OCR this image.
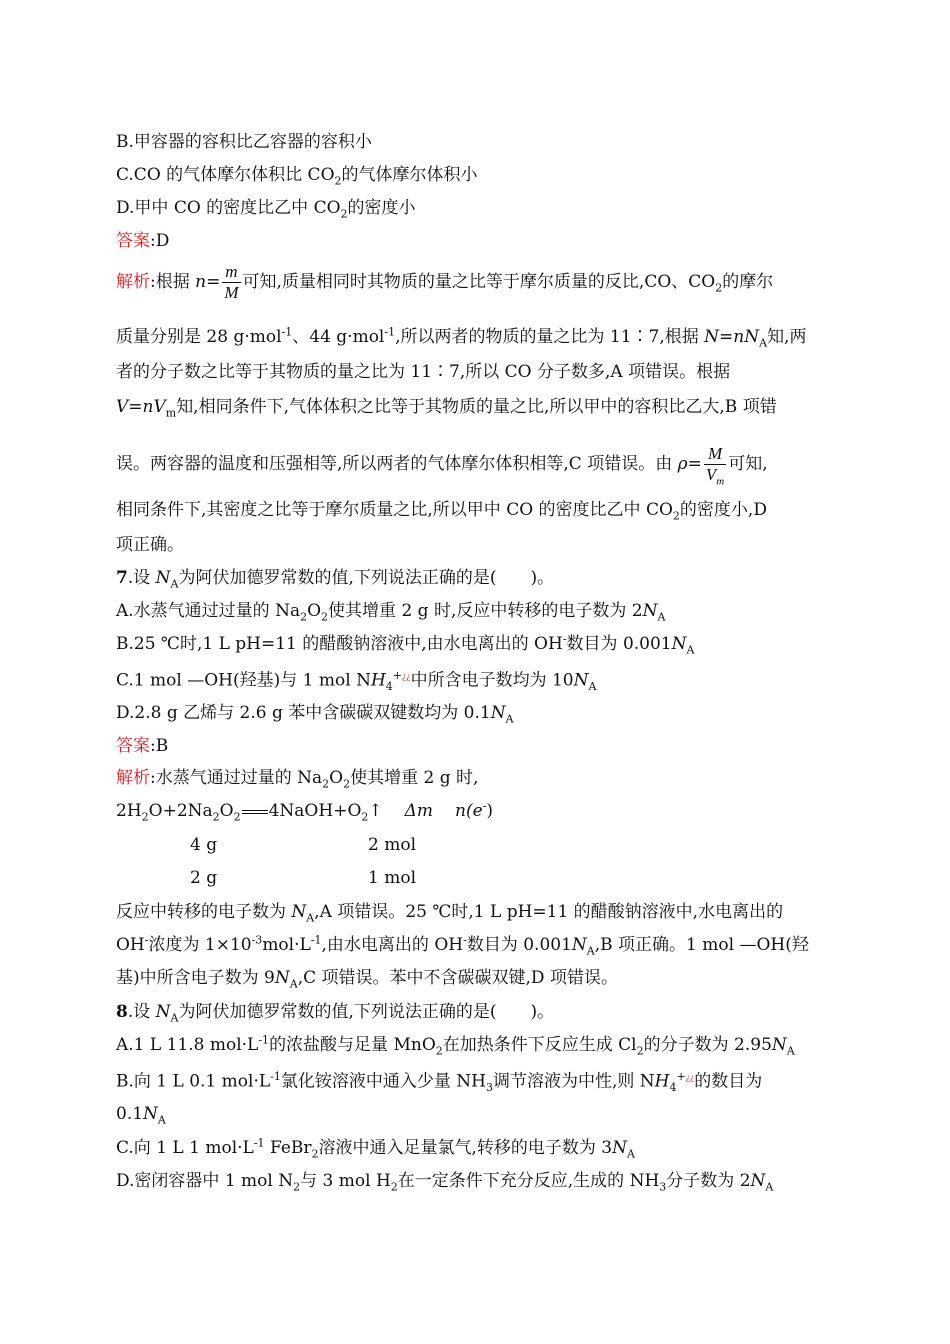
B.甲容器的容积比乙容器的容积小
C.CO 的气体摩尔体积比 $CO_2$的气体摩尔体积小
D.甲中 CO 的密度比乙中 $CO_2$的密度小
答案:D
解析:根据 $n= \frac{m}{M}$ 可知,质量相同时其物质的量之比等于摩尔质量的反比,CO、$CO_2$的摩尔
质量分别是 28 g·mol$^{-1}$、44 g·mol$^{-1}$,所以两者的物质的量之比为 11∶7,根据 $N=nN_A$知,两
者的分子数之比等于其物质的量之比为 11∶7,所以 CO 分子数多,A 项错误。根据
$V=nV_m$知,相同条件下,气体体积之比等于其物质的量之比,所以甲中的容积比乙大,B 项错
误。两容器的温度和压强相等,所以两者的气体摩尔体积相等,C 项错误。由 $\rho= \frac{M}{V_m}$ 可知,
相同条件下,其密度之比等于摩尔质量之比,所以甲中 CO 的密度比乙中 $CO_2$的密度小,D
项正确。
7.设 $N_A$为阿伏加德罗常数的值,下列说法正确的是( )。
A.水蒸气通过过量的 $Na_2O_2$使其增重 2 g 时,反应中转移的电子数为 $2N_A$
B.25 ℃时,1 L pH=11 的醋酸钠溶液中,由水电离出的 OH-数目为 $0.001N_A$
C.1 mol —OH(羟基)与 1 mol $NH_4^{+¿¿}$中所含电子数均为 $10N_A$
D.2.8 g 乙烯与 2.6 g 苯中含碳碳双键数均为 $0.1N_A$
答案:B
解析:水蒸气通过过量的 $Na_2O_2$使其增重 2 g 时,
$2H_2O+2Na_2O_2$ $4NaOH+O_2↑$ Δm n(e-)
4 g	2 mol
2 g	1 mol
反应中转移的电子数为 $N_A,A$ 项错误。25 ℃时,1 L pH=11 的醋酸钠溶液中,水电离出的
OH-浓度为 $1\times 10^{-3}mol\cdot L^{-1}$,由水电离出的 OH-数目为 $0.001N_A,B$ 项正确。1 mol —OH(羟
基)中所含电子数为 $9N_A,C$ 项错误。苯中不含碳碳双键,D 项错误。
8.设 $N_A$为阿伏加德罗常数的值,下列说法正确的是( )。
A.1 L 11.8 $mol\cdot L^{-1}$的浓盐酸与足量 MnO$_2$在加热条件下反应生成 $Cl_2$的分子数为 $2.95N_A$
B.向 1 L 0.1 $mol\cdot L^{-1}$氯化铵溶液中通入少量 $NH_3$调节溶液为中性,则 $NH_4^{+¿¿}$的数目为
$0.1N_A$
C.向 1 L 1 $mol\cdot L^{-1}$ FeBr$_2$溶液中通入足量氯气,转移的电子数为 $3N_A$
D.密闭容器中 1 mol $N_2$与 3 mol $H_2$在一定条件下充分反应,生成的 $NH_3$分子数为 $2N_A$
